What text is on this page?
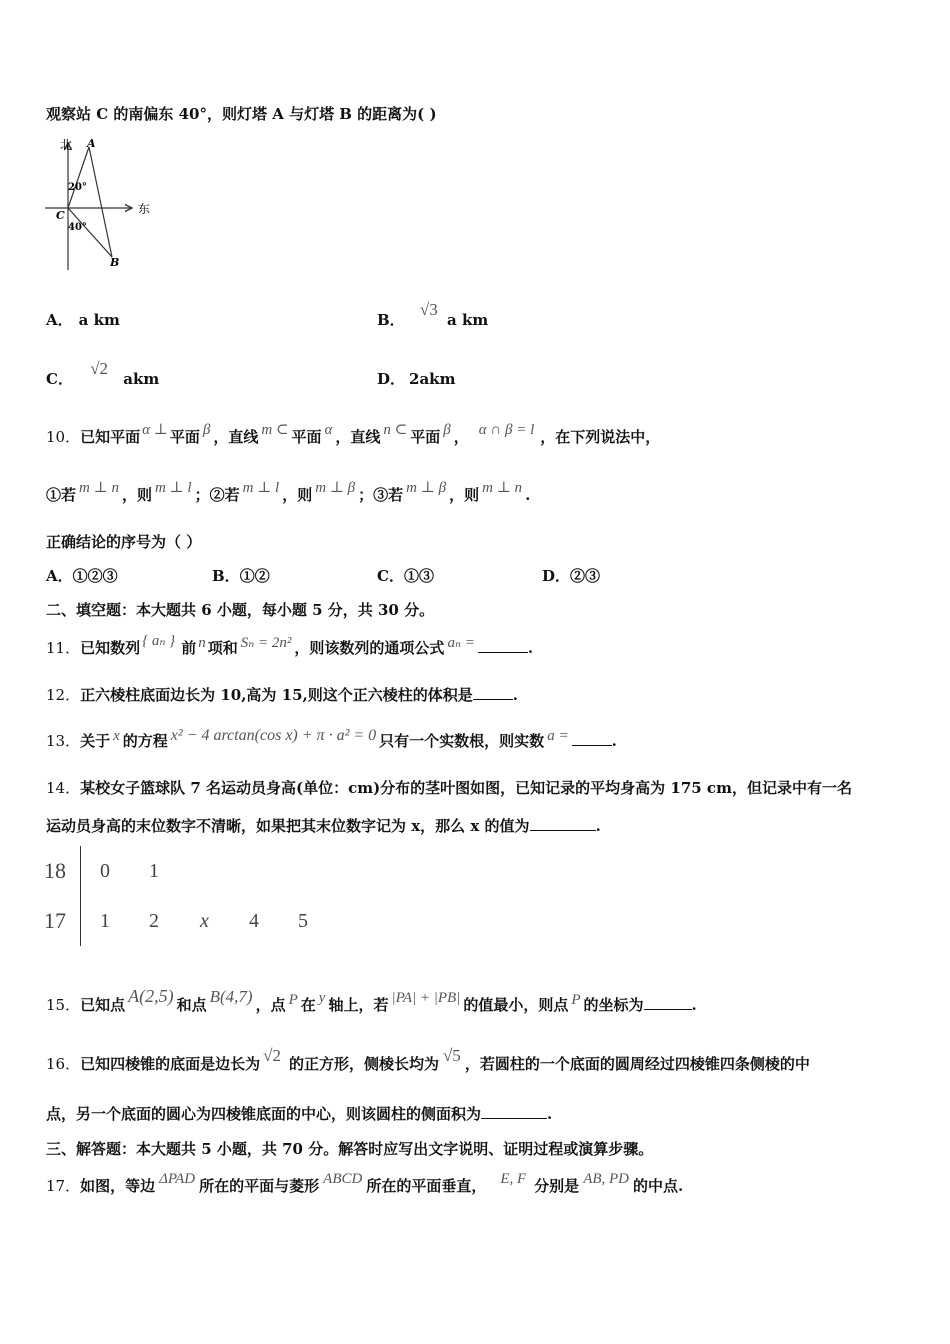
观察站 C 的南偏东 40°，则灯塔 A 与灯塔 B 的距离为( )
北
东
A
B
C
20°
40°
A． a km	B． √3 a km
C． √2 akm	D． 2akm
10．已知平面 α ⊥ 平面 β ，直线 m ⊂ 平面 α ，直线 n ⊂ 平面 β ， α ∩ β = l ，在下列说法中，
①若 m ⊥ n ，则 m ⊥ l ；②若 m ⊥ l ，则 m ⊥ β ；③若 m ⊥ β ，则 m ⊥ n .
正确结论的序号为（ ）
A．①②③	B．①②	C．①③	D．②③
二、填空题：本大题共 6 小题，每小题 5 分，共 30 分。
11．已知数列 { aₙ } 前 n 项和 Sₙ = 2n² ，则该数列的通项公式 aₙ =	.
12．正六棱柱底面边长为 10,高为 15,则这个正六棱柱的体积是	.
13．关于 x 的方程 x² − 4 arctan(cos x) + π · a² = 0 只有一个实数根，则实数 a =	.
14．某校女子篮球队 7 名运动员身高(单位：cm)分布的茎叶图如图，已知记录的平均身高为 175 cm，但记录中有一名
运动员身高的末位数字不清晰，如果把其末位数字记为 x，那么 x 的值为	.
18 0 1
17 1 2 x 4 5
15．已知点 A(2,5) 和点 B(4,7) ，点 P 在 y 轴上，若 |PA| + |PB| 的值最小，则点 P 的坐标为	.
16．已知四棱锥的底面是边长为 √2 的正方形，侧棱长均为 √5 ，若圆柱的一个底面的圆周经过四棱锥四条侧棱的中
点，另一个底面的圆心为四棱锥底面的中心，则该圆柱的侧面积为	.
三、解答题：本大题共 5 小题，共 70 分。解答时应写出文字说明、证明过程或演算步骤。
17．如图，等边 ΔPAD 所在的平面与菱形 ABCD 所在的平面垂直， E, F 分别是 AB, PD 的中点.
